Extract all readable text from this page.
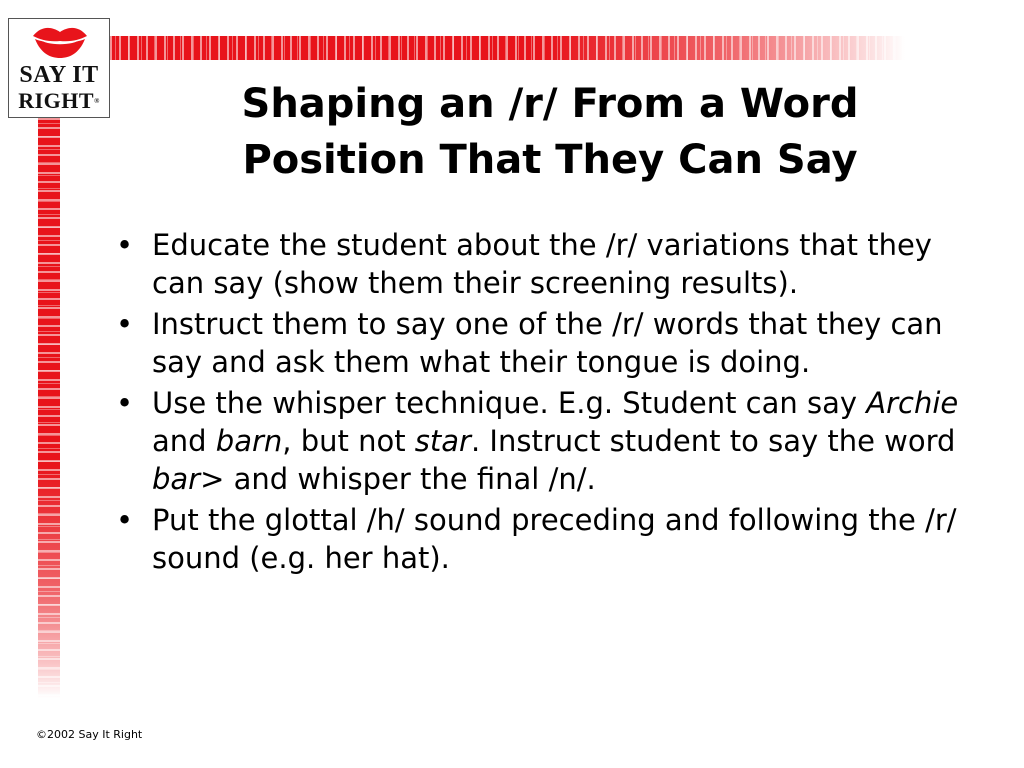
SAY IT
RIGHT®	Shaping an /r/ From a Word Position That They Can Say
• Educate the student about the /r/ variations that they can say (show them their screening results).
• Instruct them to say one of the /r/ words that they can say and ask them what their tongue is doing.
• Use the whisper technique. E.g. Student can say Archie and barn, but not star. Instruct student to say the word bar> and whisper the final /n/.
• Put the glottal /h/ sound preceding and following the /r/ sound (e.g. her hat).
©2002 Say It Right
